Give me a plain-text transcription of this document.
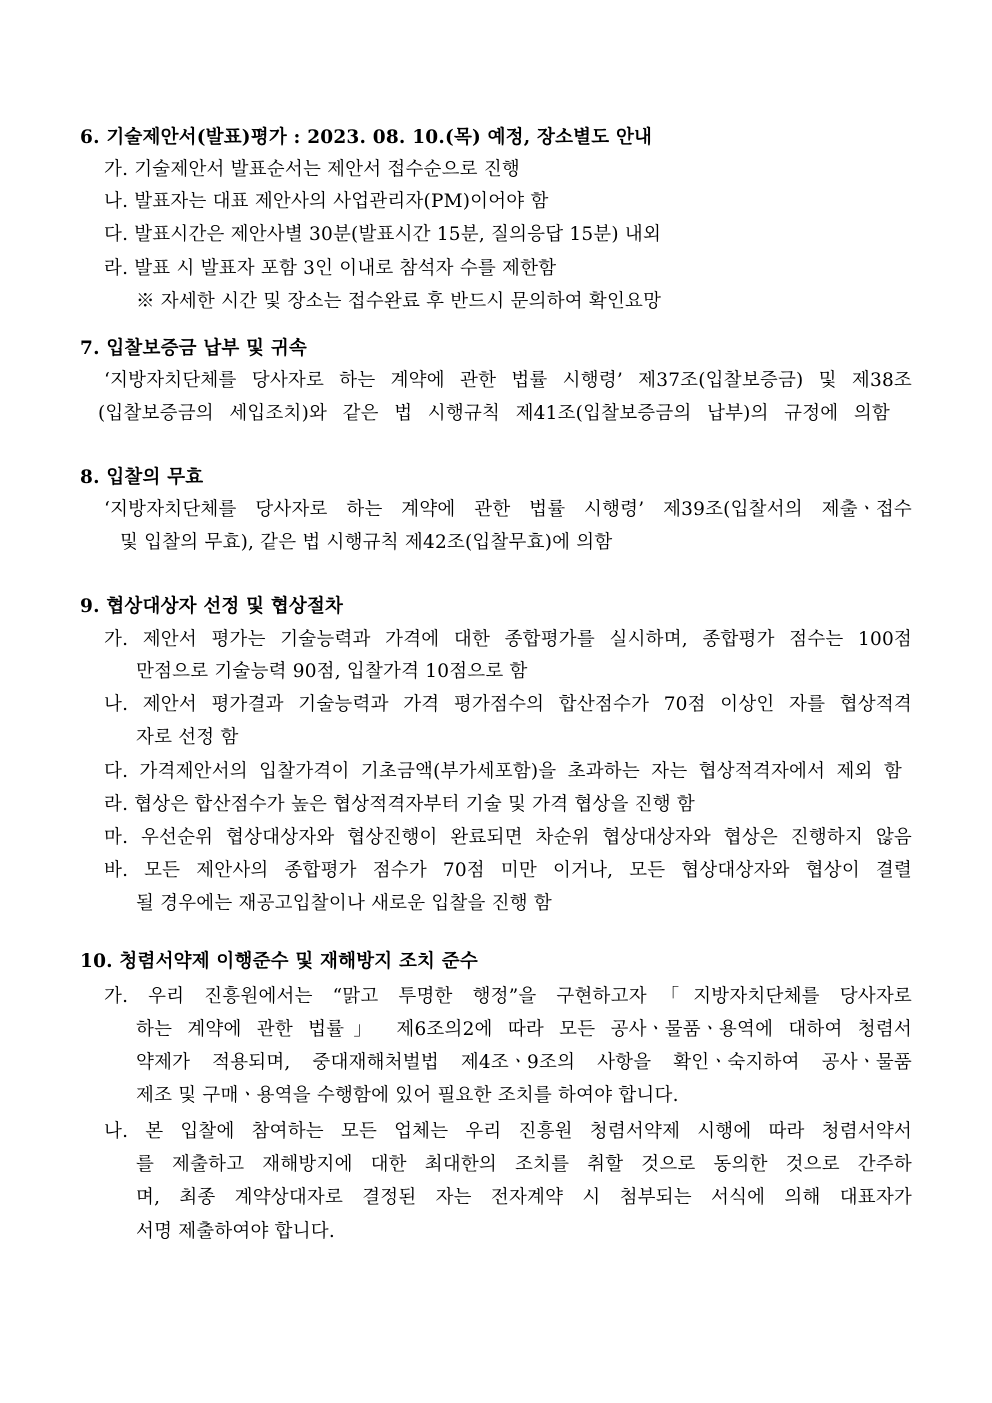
6. 기술제안서(발표)평가 : 2023. 08. 10.(목) 예정, 장소별도 안내
가. 기술제안서 발표순서는 제안서 접수순으로 진행
나. 발표자는 대표 제안사의 사업관리자(PM)이어야 함
다. 발표시간은 제안사별 30분(발표시간 15분, 질의응답 15분) 내외
라. 발표 시 발표자 포함 3인 이내로 참석자 수를 제한함
※ 자세한 시간 및 장소는 접수완료 후 반드시 문의하여 확인요망
7. 입찰보증금 납부 및 귀속
‘지방자치단체를 당사자로 하는 계약에 관한 법률 시행령’ 제37조(입찰보증금) 및 제38조
(입찰보증금의 세입조치)와 같은 법 시행규칙 제41조(입찰보증금의 납부)의 규정에 의함
8. 입찰의 무효
‘지방자치단체를 당사자로 하는 계약에 관한 법률 시행령’ 제39조(입찰서의 제출ㆍ접수
및 입찰의 무효), 같은 법 시행규칙 제42조(입찰무효)에 의함
9. 협상대상자 선정 및 협상절차
가. 제안서 평가는 기술능력과 가격에 대한 종합평가를 실시하며, 종합평가 점수는 100점
만점으로 기술능력 90점, 입찰가격 10점으로 함
나. 제안서 평가결과 기술능력과 가격 평가점수의 합산점수가 70점 이상인 자를 협상적격
자로 선정 함
다. 가격제안서의 입찰가격이 기초금액(부가세포함)을 초과하는 자는 협상적격자에서 제외 함
라. 협상은 합산점수가 높은 협상적격자부터 기술 및 가격 협상을 진행 함
마. 우선순위 협상대상자와 협상진행이 완료되면 차순위 협상대상자와 협상은 진행하지 않음
바. 모든 제안사의 종합평가 점수가 70점 미만 이거나, 모든 협상대상자와 협상이 결렬
될 경우에는 재공고입찰이나 새로운 입찰을 진행 함
10. 청렴서약제 이행준수 및 재해방지 조치 준수
가. 우리 진흥원에서는 “맑고 투명한 행정”을 구현하고자「지방자치단체를 당사자로
하는 계약에 관한 법률」 제6조의2에 따라 모든 공사ㆍ물품ㆍ용역에 대하여 청렴서
약제가 적용되며, 중대재해처벌법 제4조ㆍ9조의 사항을 확인ㆍ숙지하여 공사ㆍ물품
제조 및 구매ㆍ용역을 수행함에 있어 필요한 조치를 하여야 합니다.
나. 본 입찰에 참여하는 모든 업체는 우리 진흥원 청렴서약제 시행에 따라 청렴서약서
를 제출하고 재해방지에 대한 최대한의 조치를 취할 것으로 동의한 것으로 간주하
며, 최종 계약상대자로 결정된 자는 전자계약 시 첨부되는 서식에 의해 대표자가
서명 제출하여야 합니다.
